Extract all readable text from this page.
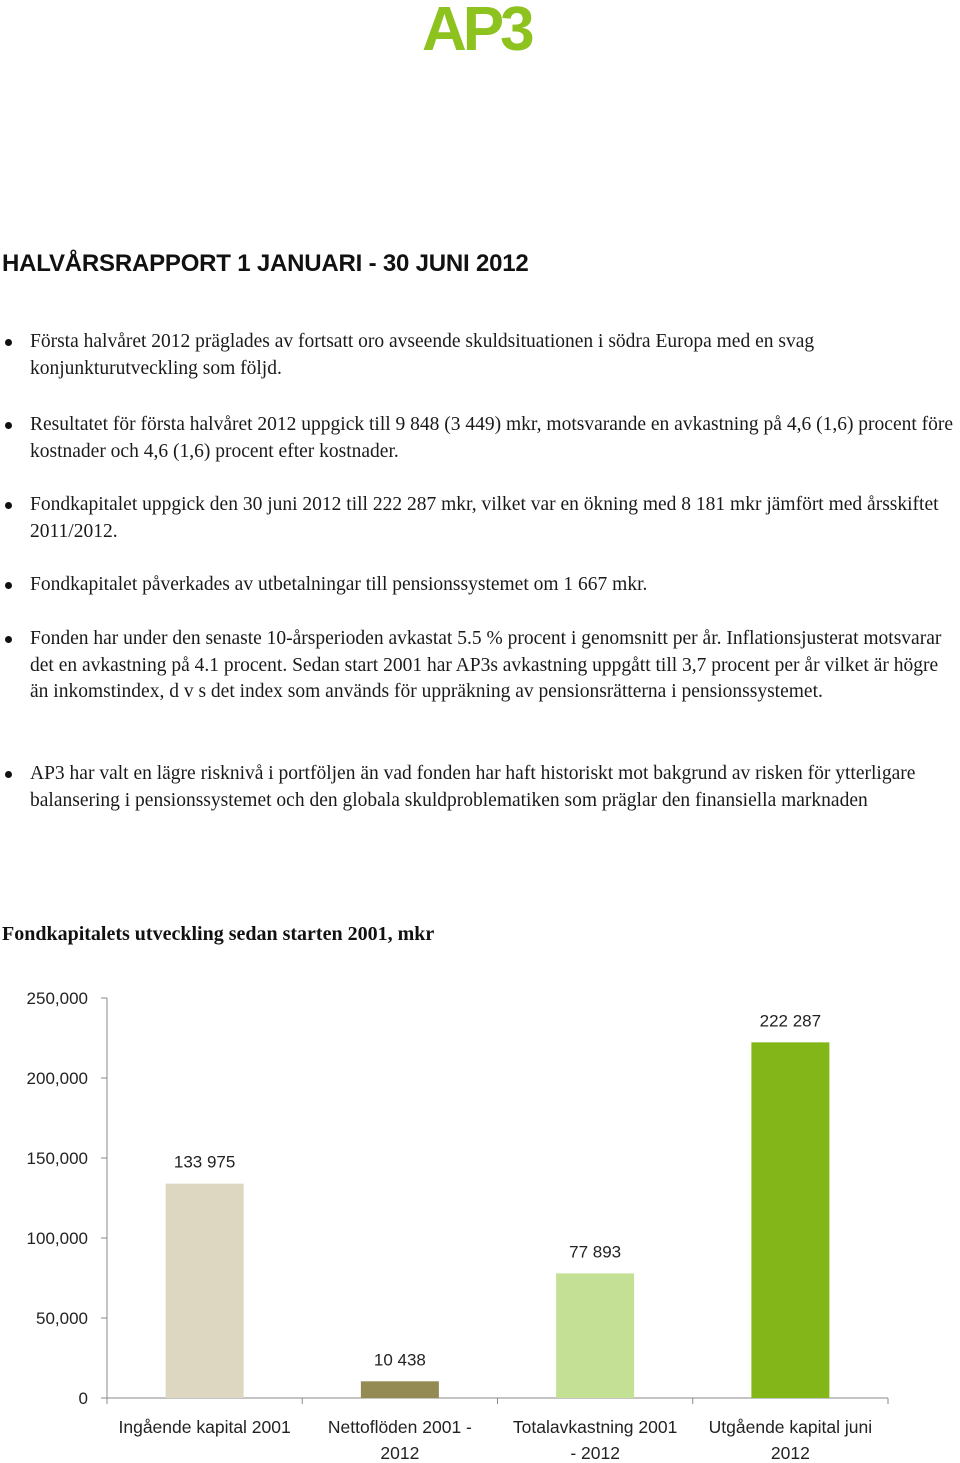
AP3
HALVÅRSRAPPORT 1 JANUARI - 30 JUNI 2012
Första halvåret 2012 präglades av fortsatt oro avseende skuldsituationen i södra Europa med en svag konjunkturutveckling som följd.
Resultatet för första halvåret 2012 uppgick till 9 848 (3 449) mkr, motsvarande en avkastning på 4,6 (1,6) procent före kostnader och 4,6 (1,6) procent efter kostnader.
Fondkapitalet uppgick den 30 juni 2012 till 222 287 mkr, vilket var en ökning med 8 181 mkr jämfört med årsskiftet 2011/2012.
Fondkapitalet påverkades av utbetalningar till pensionssystemet om 1 667 mkr.
Fonden har under den senaste 10-årsperioden avkastat 5.5 % procent i genomsnitt per år. Inflationsjusterat motsvarar det en avkastning på 4.1 procent. Sedan start 2001 har AP3s avkastning uppgått till 3,7 procent per år vilket är högre än inkomstindex, d v s det index som används för uppräkning av pensionsrätterna i pensionssystemet.
AP3 har valt en lägre risknivå i portföljen än vad fonden har haft historiskt mot bakgrund av risken för ytterligare balansering i pensionssystemet och den globala skuldproblematiken som präglar den finansiella marknaden
Fondkapitalets utveckling sedan starten 2001, mkr
0
50,000
100,000
150,000
200,000
250,000
133 975
Ingående kapital 2001
10 438
Nettoflöden 2001 -
2012
77 893
Totalavkastning 2001
- 2012
222 287
Utgående kapital juni
2012
